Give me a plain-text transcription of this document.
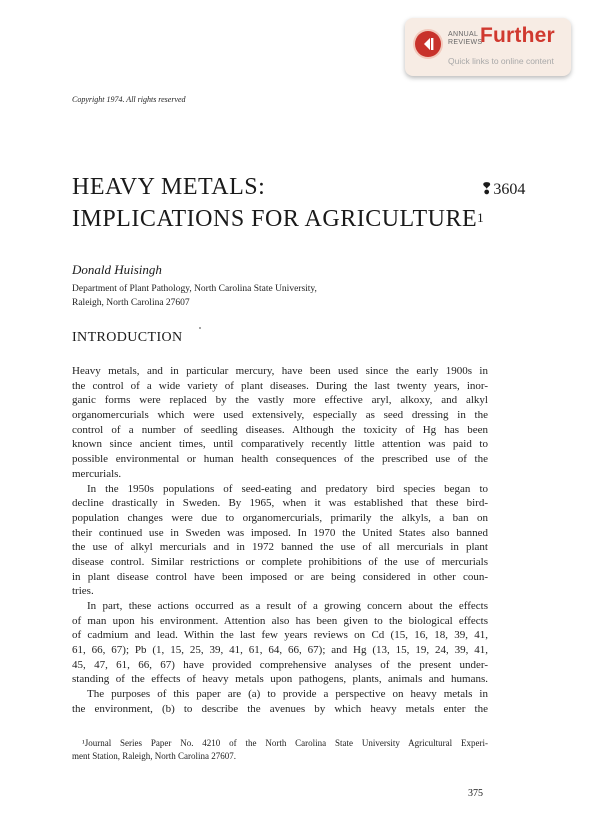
ANNUAL
REVIEWS
Further
Quick links to online content
Copyright 1974. All rights reserved
HEAVY METALS:
IMPLICATIONS FOR AGRICULTURE$^1$
❢3604
Donald Huisingh
Department of Plant Pathology, North Carolina State University,
Raleigh, North Carolina 27607
INTRODUCTION
Heavy metals, and in particular mercury, have been used since the early 1900s in
the control of a wide variety of plant diseases. During the last twenty years, inor-
ganic forms were replaced by the vastly more effective aryl, alkoxy, and alkyl
organomercurials which were used extensively, especially as seed dressing in the
control of a number of seedling diseases. Although the toxicity of Hg has been
known since ancient times, until comparatively recently little attention was paid to
possible environmental or human health consequences of the prescribed use of the
mercurials.
In the 1950s populations of seed-eating and predatory bird species began to
decline drastically in Sweden. By 1965, when it was established that these bird-
population changes were due to organomercurials, primarily the alkyls, a ban on
their continued use in Sweden was imposed. In 1970 the United States also banned
the use of alkyl mercurials and in 1972 banned the use of all mercurials in plant
disease control. Similar restrictions or complete prohibitions of the use of mercurials
in plant disease control have been imposed or are being considered in other coun-
tries.
In part, these actions occurred as a result of a growing concern about the effects
of man upon his environment. Attention also has been given to the biological effects
of cadmium and lead. Within the last few years reviews on Cd (15, 16, 18, 39, 41,
61, 66, 67); Pb (1, 15, 25, 39, 41, 61, 64, 66, 67); and Hg (13, 15, 19, 24, 39, 41,
45, 47, 61, 66, 67) have provided comprehensive analyses of the present under-
standing of the effects of heavy metals upon pathogens, plants, animals and humans.
The purposes of this paper are (a) to provide a perspective on heavy metals in
the environment, (b) to describe the avenues by which heavy metals enter the
¹Journal Series Paper No. 4210 of the North Carolina State University Agricultural Experi-
ment Station, Raleigh, North Carolina 27607.
375
